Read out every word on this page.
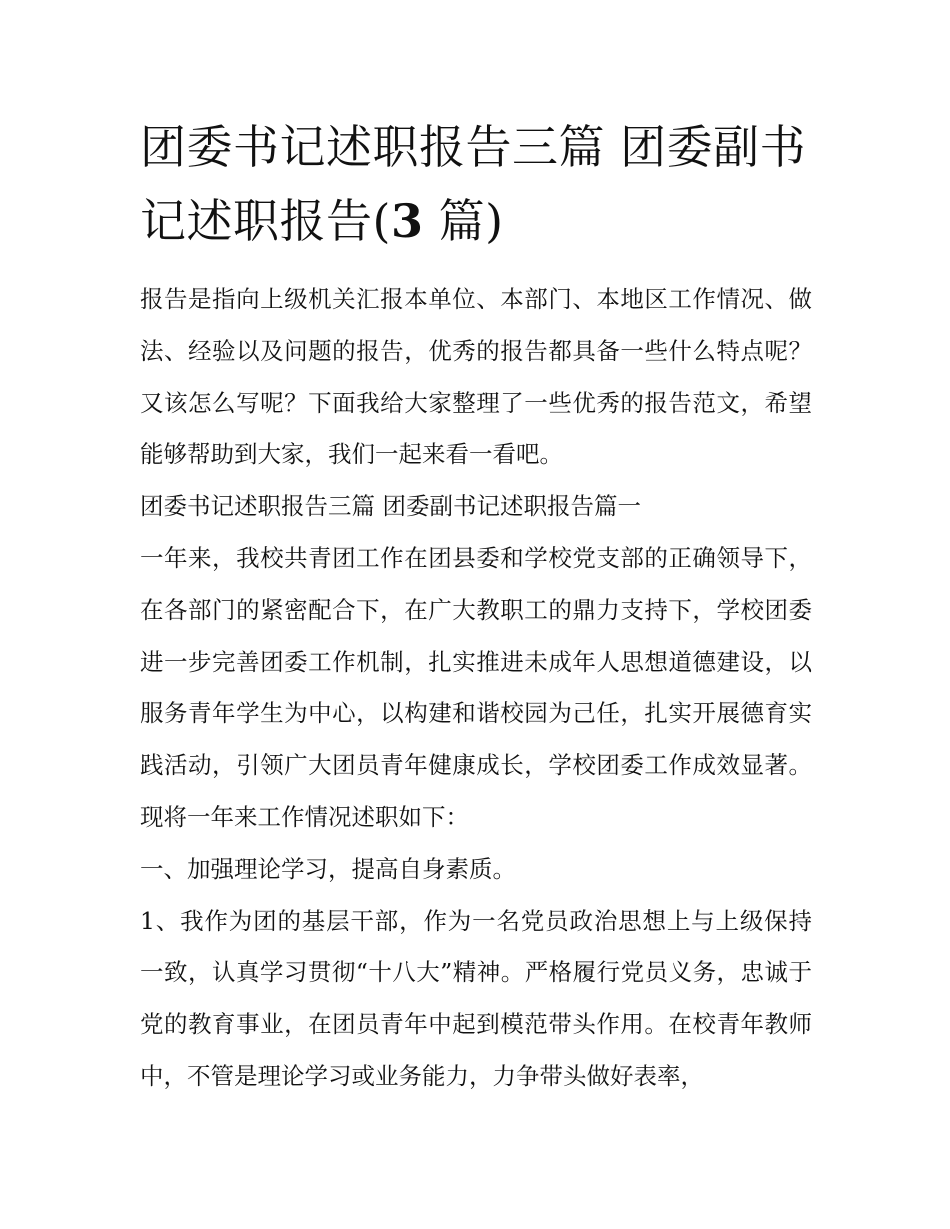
团委书记述职报告三篇 团委副书记述职报告(3 篇)

报告是指向上级机关汇报本单位、本部门、本地区工作情况、做法、经验以及问题的报告，优秀的报告都具备一些什么特点呢？又该怎么写呢？下面我给大家整理了一些优秀的报告范文，希望能够帮助到大家，我们一起来看一看吧。

团委书记述职报告三篇 团委副书记述职报告篇一

一年来，我校共青团工作在团县委和学校党支部的正确领导下，在各部门的紧密配合下，在广大教职工的鼎力支持下，学校团委进一步完善团委工作机制，扎实推进未成年人思想道德建设，以服务青年学生为中心，以构建和谐校园为己任，扎实开展德育实践活动，引领广大团员青年健康成长，学校团委工作成效显著。现将一年来工作情况述职如下：

一、加强理论学习，提高自身素质。

1、我作为团的基层干部，作为一名党员政治思想上与上级保持一致，认真学习贯彻“十八大”精神。严格履行党员义务，忠诚于党的教育事业，在团员青年中起到模范带头作用。在校青年教师中，不管是理论学习或业务能力，力争带头做好表率，
